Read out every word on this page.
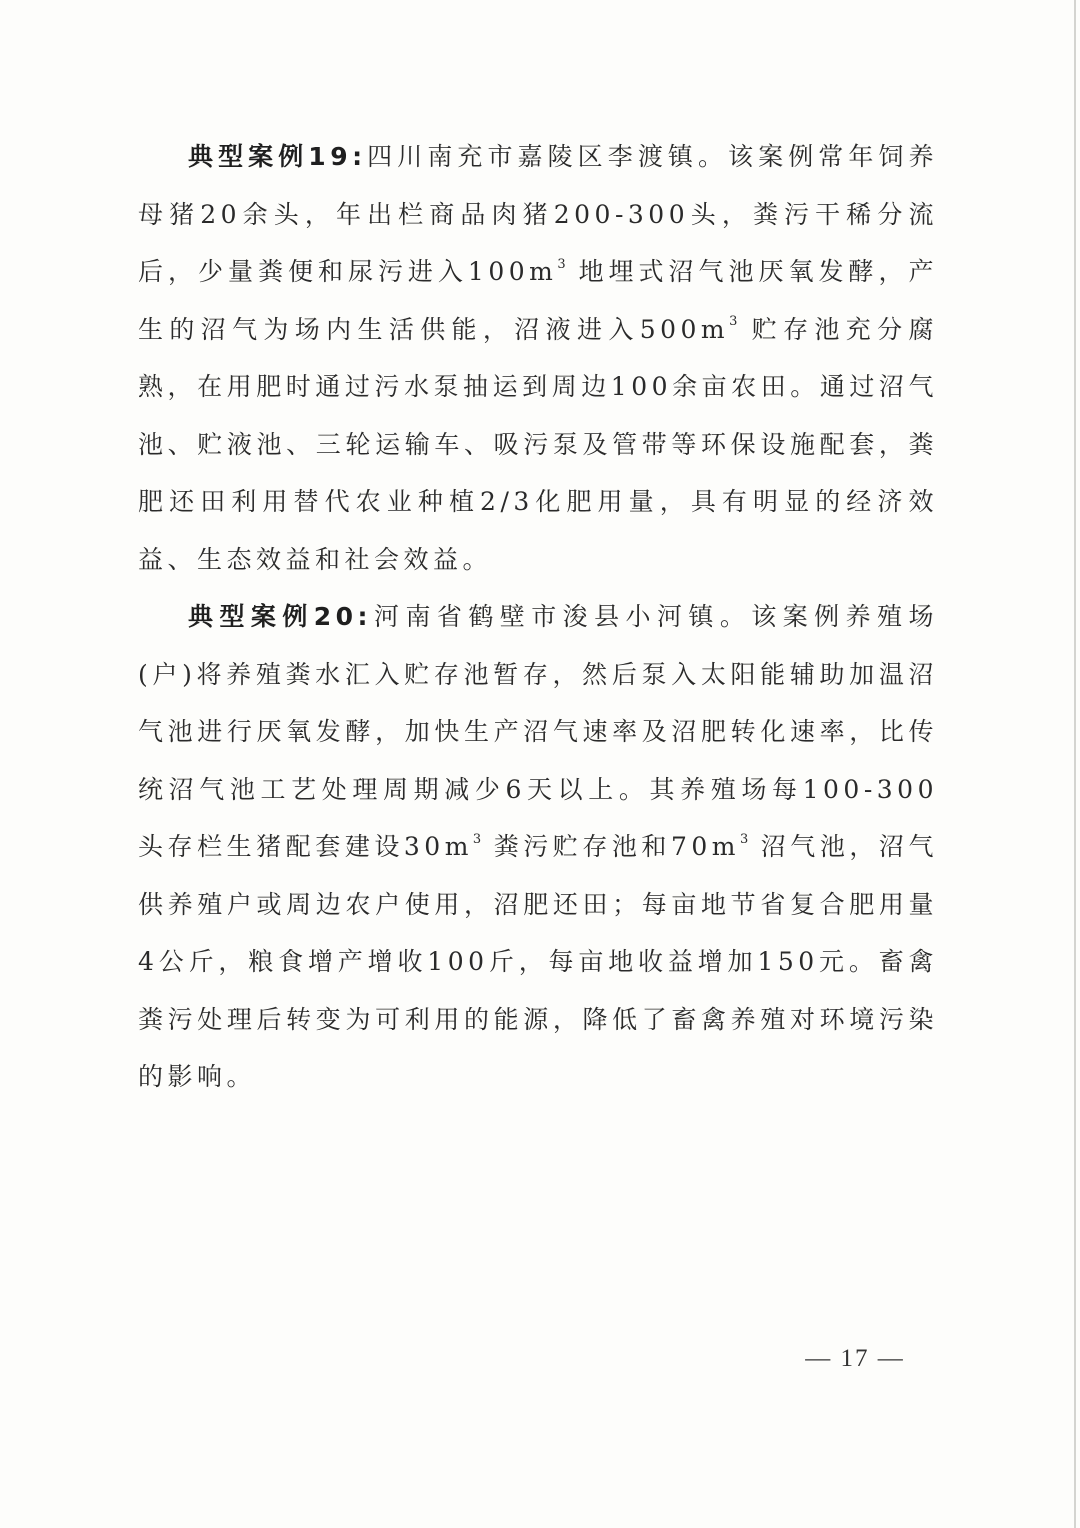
典型案例19:四川南充市嘉陵区李渡镇。该案例常年饲养母猪20余头，年出栏商品肉猪200-300头，粪污干稀分流后，少量粪便和尿污进入$100m^3$ 地埋式沼气池厌氧发酵，产生的沼气为场内生活供能，沼液进入$500m^3$ 贮存池充分腐熟，在用肥时通过污水泵抽运到周边100余亩农田。通过沼气池、贮液池、三轮运输车、吸污泵及管带等环保设施配套，粪肥还田利用替代农业种植2/3化肥用量，具有明显的经济效益、生态效益和社会效益。

典型案例20:河南省鹤壁市浚县小河镇。该案例养殖场(户)将养殖粪水汇入贮存池暂存，然后泵入太阳能辅助加温沼气池进行厌氧发酵，加快生产沼气速率及沼肥转化速率，比传统沼气池工艺处理周期减少6天以上。其养殖场每100-300头存栏生猪配套建设$30m^3$ 粪污贮存池和$70m^3$ 沼气池，沼气供养殖户或周边农户使用，沼肥还田；每亩地节省复合肥用量4公斤，粮食增产增收100斤，每亩地收益增加150元。畜禽粪污处理后转变为可利用的能源，降低了畜禽养殖对环境污染的影响。

— 17 —
